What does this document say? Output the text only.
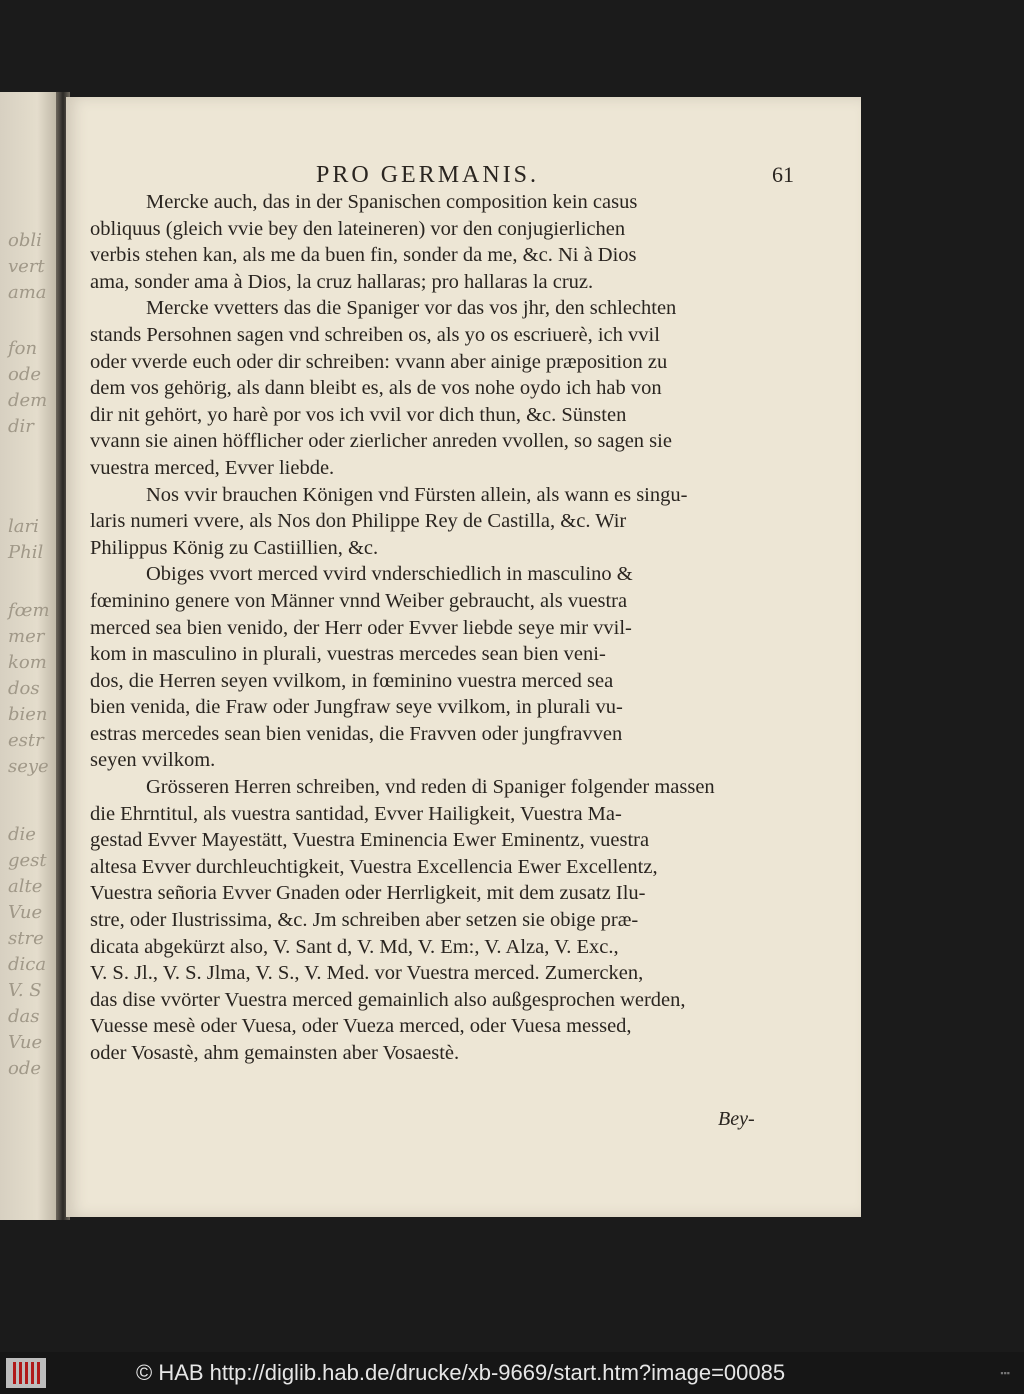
obli
vert
ama
fon
ode
dem
dir
lari
Phil
fœm
mer
kom
dos
bien
estr
seye
die
gest
alte
Vue
stre
dica
V. S
das
Vue
ode
PRO GERMANIS.	61

Mercke auch, das in der Spanischen composition kein casus
obliquus (gleich vvie bey den lateineren) vor den conjugierlichen
verbis stehen kan, als me da buen fin, sonder da me, &c. Ni à Dios
ama, sonder ama à Dios, la cruz hallaras; pro hallaras la cruz.

Mercke vvetters das die Spaniger vor das vos jhr, den schlechten
stands Persohnen sagen vnd schreiben os, als yo os escriuerè, ich vvil
oder vverde euch oder dir schreiben: vvann aber ainige præposition zu
dem vos gehörig, als dann bleibt es, als de vos nohe oydo ich hab von
dir nit gehört, yo harè por vos ich vvil vor dich thun, &c. Sünsten
vvann sie ainen höfflicher oder zierlicher anreden vvollen, so sagen sie
vuestra merced, Evver liebde.

Nos vvir brauchen Königen vnd Fürsten allein, als wann es singu-
laris numeri vvere, als Nos don Philippe Rey de Castilla, &c. Wir
Philippus König zu Castiillien, &c.

Obiges vvort merced vvird vnderschiedlich in masculino &
fœminino genere von Männer vnnd Weiber gebraucht, als vuestra
merced sea bien venido, der Herr oder Evver liebde seye mir vvil-
kom in masculino in plurali, vuestras mercedes sean bien veni-
dos, die Herren seyen vvilkom, in fœminino vuestra merced sea
bien venida, die Fraw oder Jungfraw seye vvilkom, in plurali vu-
estras mercedes sean bien venidas, die Fravven oder jungfravven
seyen vvilkom.

Grösseren Herren schreiben, vnd reden di Spaniger folgender massen
die Ehrntitul, als vuestra santidad, Evver Hailigkeit, Vuestra Ma-
gestad Evver Mayestätt, Vuestra Eminencia Ewer Eminentz, vuestra
altesa Evver durchleuchtigkeit, Vuestra Excellencia Ewer Excellentz,
Vuestra señoria Evver Gnaden oder Herrligkeit, mit dem zusatz Ilu-
stre, oder Ilustrissima, &c. Jm schreiben aber setzen sie obige præ-
dicata abgekürzt also, V. Sant d, V. Md, V. Em:, V. Alza, V. Exc.,
V. S. Jl., V. S. Jlma, V. S., V. Med. vor Vuestra merced. Zumercken,
das dise vvörter Vuestra merced gemainlich also außgesprochen werden,
Vuesse mesè oder Vuesa, oder Vueza merced, oder Vuesa messed,
oder Vosastè, ahm gemainsten aber Vosaestè.

Bey-
© HAB http://diglib.hab.de/drucke/xb-9669/start.htm?image=00085	▪▪▪
